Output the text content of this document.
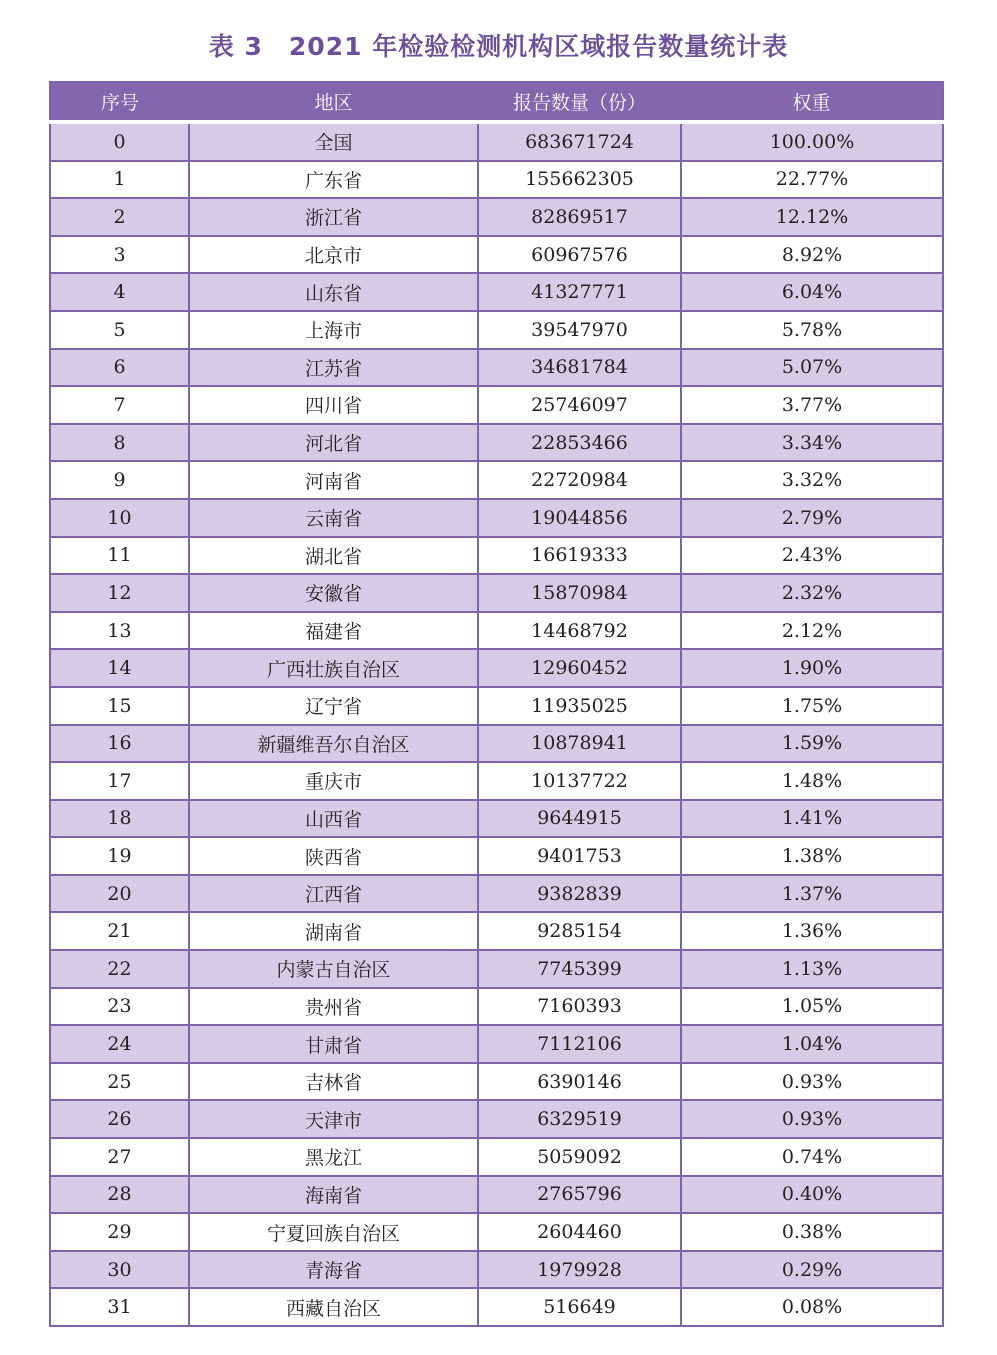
表 3 2021 年检验检测机构区域报告数量统计表
序号	地区	报告数量（份）	权重
0	全国	683671724	100.00%
1	广东省	155662305	22.77%
2	浙江省	82869517	12.12%
3	北京市	60967576	8.92%
4	山东省	41327771	6.04%
5	上海市	39547970	5.78%
6	江苏省	34681784	5.07%
7	四川省	25746097	3.77%
8	河北省	22853466	3.34%
9	河南省	22720984	3.32%
10	云南省	19044856	2.79%
11	湖北省	16619333	2.43%
12	安徽省	15870984	2.32%
13	福建省	14468792	2.12%
14	广西壮族自治区	12960452	1.90%
15	辽宁省	11935025	1.75%
16	新疆维吾尔自治区	10878941	1.59%
17	重庆市	10137722	1.48%
18	山西省	9644915	1.41%
19	陕西省	9401753	1.38%
20	江西省	9382839	1.37%
21	湖南省	9285154	1.36%
22	内蒙古自治区	7745399	1.13%
23	贵州省	7160393	1.05%
24	甘肃省	7112106	1.04%
25	吉林省	6390146	0.93%
26	天津市	6329519	0.93%
27	黑龙江	5059092	0.74%
28	海南省	2765796	0.40%
29	宁夏回族自治区	2604460	0.38%
30	青海省	1979928	0.29%
31	西藏自治区	516649	0.08%
